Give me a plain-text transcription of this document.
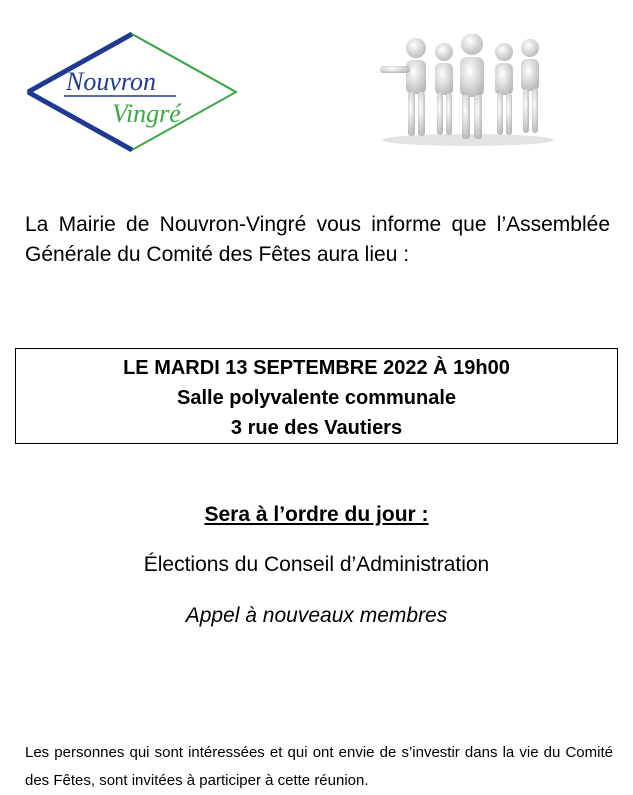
Nouvron
Vingré

La Mairie de Nouvron-Vingré vous informe que l’Assemblée Générale du Comité des Fêtes aura lieu :

LE MARDI 13 SEPTEMBRE 2022 À 19h00

Salle polyvalente communale

3 rue des Vautiers

Sera à l’ordre du jour :

Élections du Conseil d’Administration

Appel à nouveaux membres

Les personnes qui sont intéressées et qui ont envie de s’investir dans la vie du Comité des Fêtes, sont invitées à participer à cette réunion.
